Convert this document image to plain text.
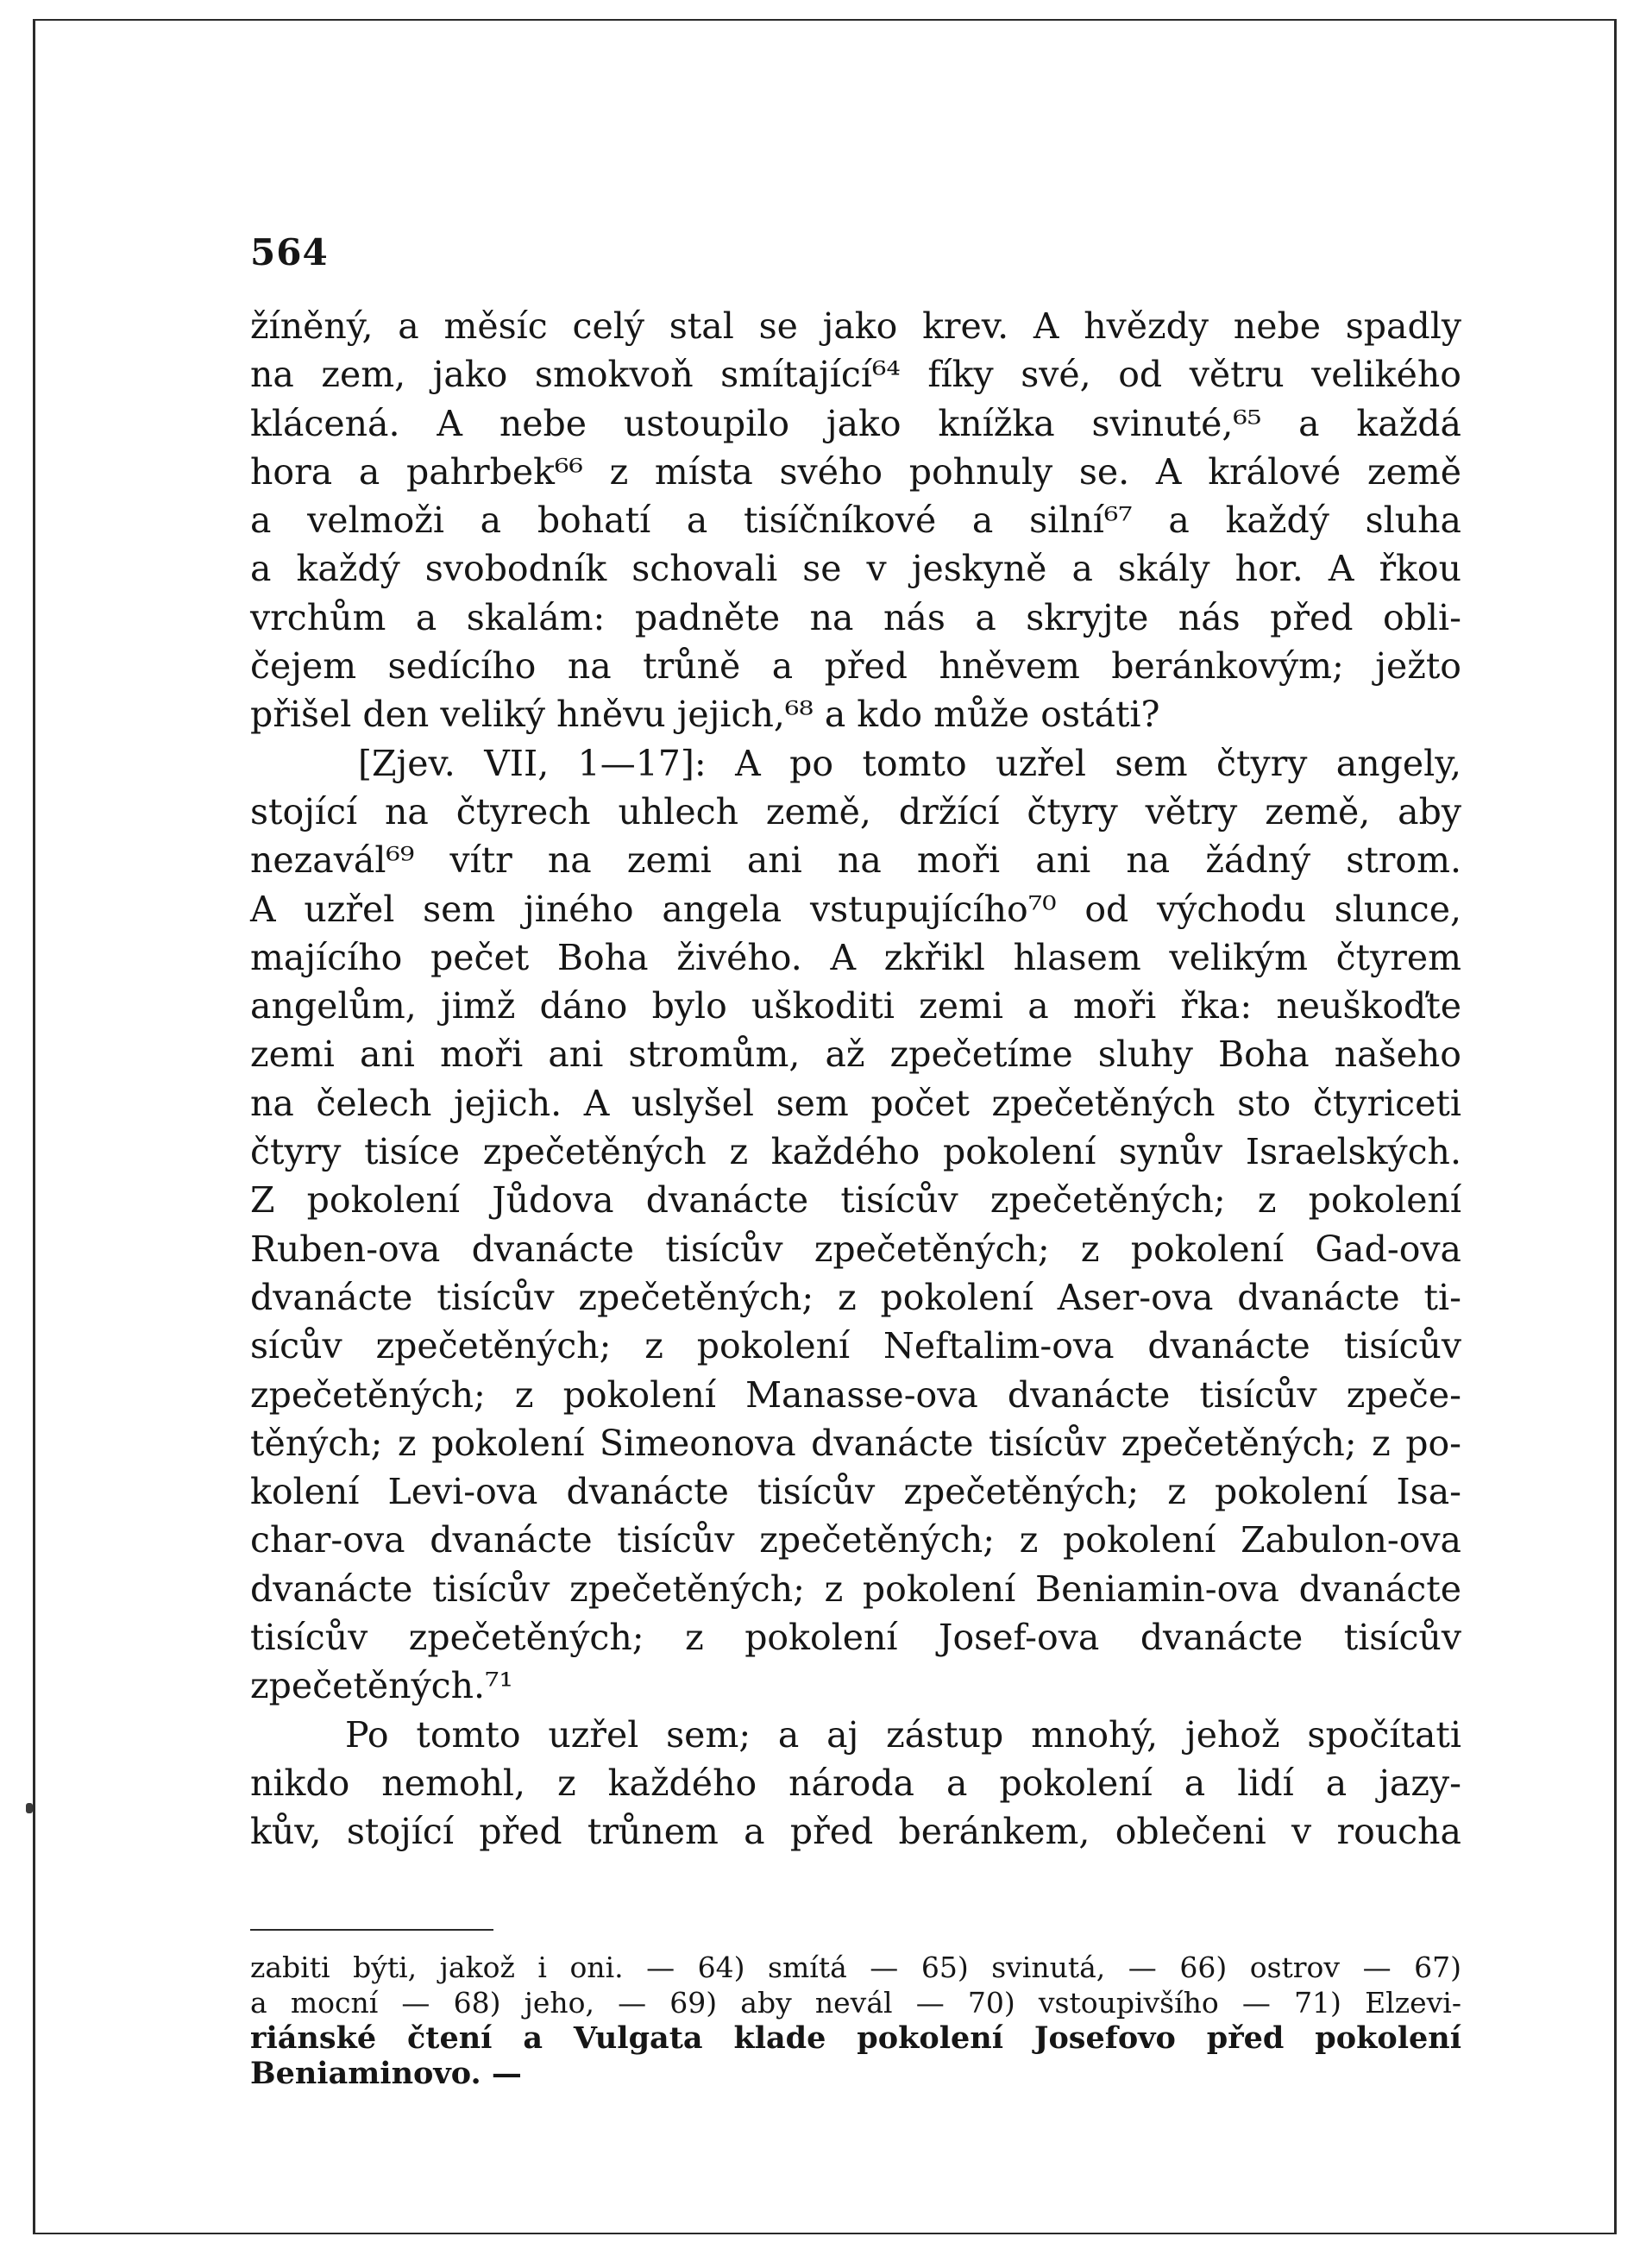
564
žíněný, a měsíc celý stal se jako krev. A hvězdy nebe spadly
na zem, jako smokvoň smítající⁶⁴ fíky své, od větru velikého
klácená. A nebe ustoupilo jako knížka svinuté,⁶⁵ a každá
hora a pahrbek⁶⁶ z místa svého pohnuly se. A králové země
a velmoži a bohatí a tisíčníkové a silní⁶⁷ a každý sluha
a každý svobodník schovali se v jeskyně a skály hor. A řkou
vrchům a skalám: padněte na nás a skryjte nás před obli-
čejem sedícího na trůně a před hněvem beránkovým; ježto
přišel den veliký hněvu jejich,⁶⁸ a kdo může ostáti?
[Zjev. VII, 1—17]: A po tomto uzřel sem čtyry angely,
stojící na čtyrech uhlech země, držící čtyry větry země, aby
nezavál⁶⁹ vítr na zemi ani na moři ani na žádný strom.
A uzřel sem jiného angela vstupujícího⁷⁰ od východu slunce,
majícího pečet Boha živého. A zkřikl hlasem velikým čtyrem
angelům, jimž dáno bylo uškoditi zemi a moři řka: neuškoďte
zemi ani moři ani stromům, až zpečetíme sluhy Boha našeho
na čelech jejich. A uslyšel sem počet zpečetěných sto čtyriceti
čtyry tisíce zpečetěných z každého pokolení synův Israelských.
Z pokolení Jůdova dvanácte tisícův zpečetěných; z pokolení
Ruben-ova dvanácte tisícův zpečetěných; z pokolení Gad-ova
dvanácte tisícův zpečetěných; z pokolení Aser-ova dvanácte ti-
sícův zpečetěných; z pokolení Neftalim-ova dvanácte tisícův
zpečetěných; z pokolení Manasse-ova dvanácte tisícův zpeče-
těných; z pokolení Simeonova dvanácte tisícův zpečetěných; z po-
kolení Levi-ova dvanácte tisícův zpečetěných; z pokolení Isa-
char-ova dvanácte tisícův zpečetěných; z pokolení Zabulon-ova
dvanácte tisícův zpečetěných; z pokolení Beniamin-ova dvanácte
tisícův zpečetěných; z pokolení Josef-ova dvanácte tisícův
zpečetěných.⁷¹
Po tomto uzřel sem; a aj zástup mnohý, jehož spočítati
nikdo nemohl, z každého národa a pokolení a lidí a jazy-
kův, stojící před trůnem a před beránkem, oblečeni v roucha
zabiti býti, jakož i oni. — 64) smítá — 65) svinutá, — 66) ostrov — 67)
a mocní — 68) jeho, — 69) aby nevál — 70) vstoupivšího — 71) Elzevi-
riánské čtení a Vulgata klade pokolení Josefovo před pokolení
Beniaminovo. —
